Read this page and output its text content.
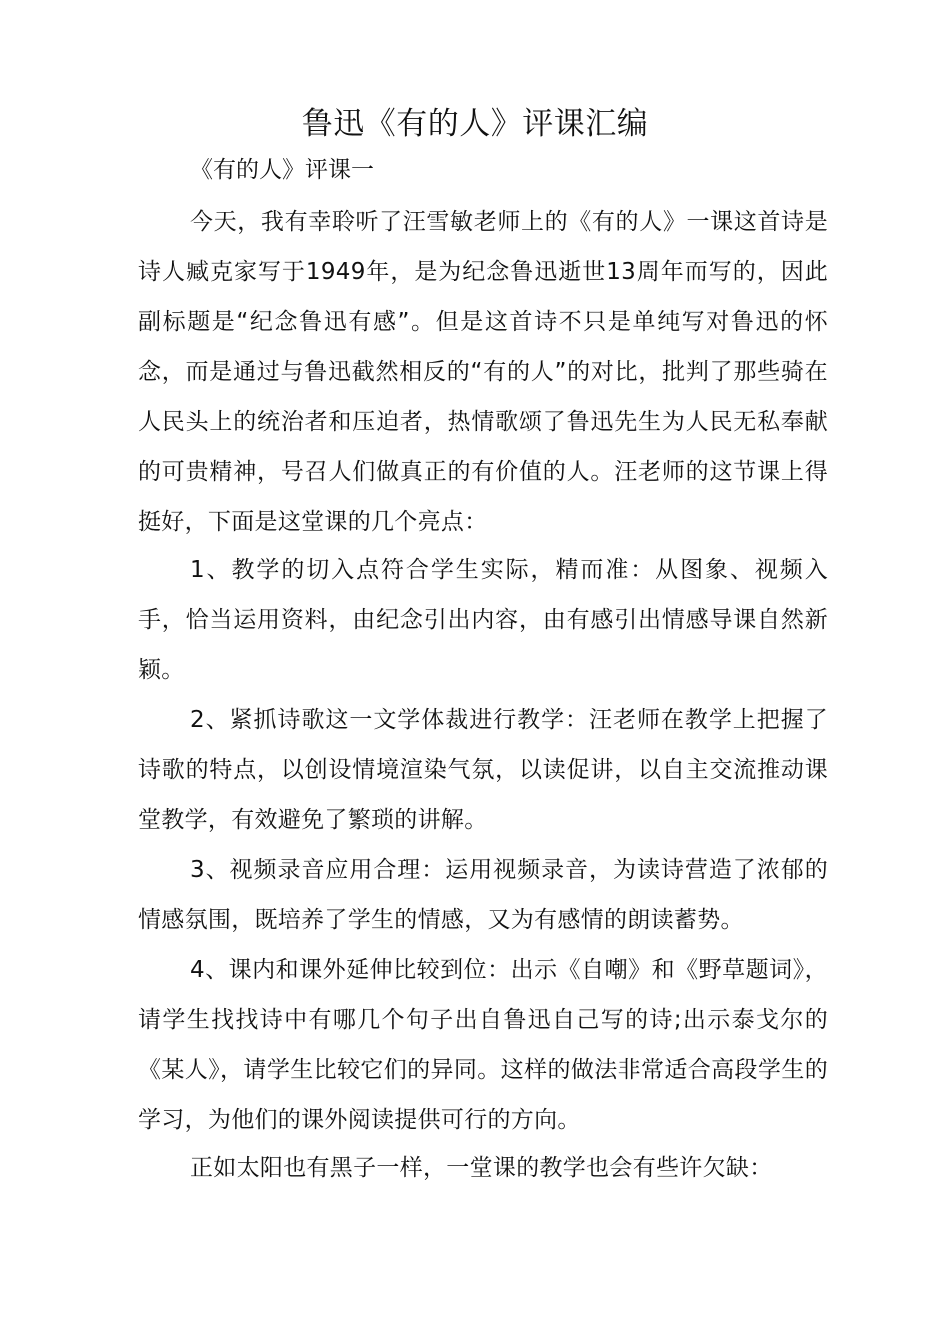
鲁迅《有的人》评课汇编
《有的人》评课一

今天，我有幸聆听了汪雪敏老师上的《有的人》一课这首诗是诗人臧克家写于1949年，是为纪念鲁迅逝世13周年而写的，因此副标题是“纪念鲁迅有感”。但是这首诗不只是单纯写对鲁迅的怀念，而是通过与鲁迅截然相反的“有的人”的对比，批判了那些骑在人民头上的统治者和压迫者，热情歌颂了鲁迅先生为人民无私奉献的可贵精神，号召人们做真正的有价值的人。汪老师的这节课上得挺好，下面是这堂课的几个亮点：

1、教学的切入点符合学生实际，精而准：从图象、视频入手，恰当运用资料，由纪念引出内容，由有感引出情感导课自然新颖。

2、紧抓诗歌这一文学体裁进行教学：汪老师在教学上把握了诗歌的特点，以创设情境渲染气氛，以读促讲，以自主交流推动课堂教学，有效避免了繁琐的讲解。

3、视频录音应用合理：运用视频录音，为读诗营造了浓郁的情感氛围，既培养了学生的情感，又为有感情的朗读蓄势。

4、课内和课外延伸比较到位：出示《自嘲》和《野草题词》，请学生找找诗中有哪几个句子出自鲁迅自己写的诗;出示泰戈尔的《某人》，请学生比较它们的异同。这样的做法非常适合高段学生的学习，为他们的课外阅读提供可行的方向。

正如太阳也有黑子一样，一堂课的教学也会有些许欠缺：
